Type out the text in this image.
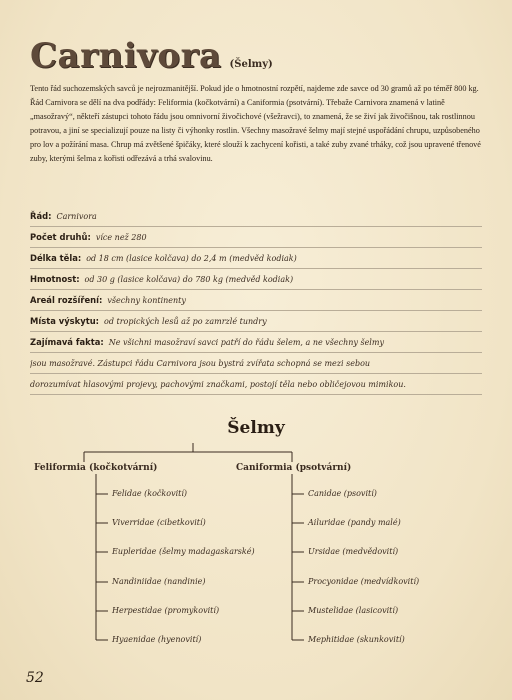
Carnivora (Šelmy)
Tento řád suchozemských savců je nejrozmanitější. Pokud jde o hmotnostní rozpětí, najdeme zde savce od 30 gramů až po téměř 800 kg. Řád Carnivora se dělí na dva podřády: Feliformia (kočkotvární) a Caniformia (psotvární). Třebaže Carnivora znamená v latině „masožravý“, někteří zástupci tohoto řádu jsou omnivorní živočichové (všežravci), to znamená, že se živí jak živočišnou, tak rostlinnou potravou, a jiní se specializují pouze na listy či výhonky rostlin. Všechny masožravé šelmy mají stejné uspořádání chrupu, uzpůsobeného pro lov a požírání masa. Chrup má zvětšené špičáky, které slouží k zachycení kořisti, a také zuby zvané trháky, což jsou upravené třenové zuby, kterými šelma z kořisti odřezává a trhá svalovinu.
Řád: Carnivora
Počet druhů: více než 280
Délka těla: od 18 cm (lasice kolčava) do 2,4 m (medvěd kodiak)
Hmotnost: od 30 g (lasice kolčava) do 780 kg (medvěd kodiak)
Areál rozšíření: všechny kontinenty
Místa výskytu: od tropických lesů až po zamrzlé tundry
Zajímavá fakta: Ne všichni masožraví savci patří do řádu šelem, a ne všechny šelmy
jsou masožravé. Zástupci řádu Carnivora jsou bystrá zvířata schopná se mezi sebou
dorozumívat hlasovými projevy, pachovými značkami, postojí těla nebo obličejovou mimikou.
Šelmy
Feliformia (kočkotvární)	Caniformia (psotvární)
Felidae (kočkovití)
Viverridae (cibetkovití)
Eupleridae (šelmy madagaskarské)
Nandiniidae (nandinie)
Herpestidae (promykovití)
Hyaenidae (hyenovití)
Canidae (psovití)
Ailuridae (pandy malé)
Ursidae (medvědovití)
Procyonidae (medvídkovití)
Mustelidae (lasicovití)
Mephitidae (skunkovití)
52
